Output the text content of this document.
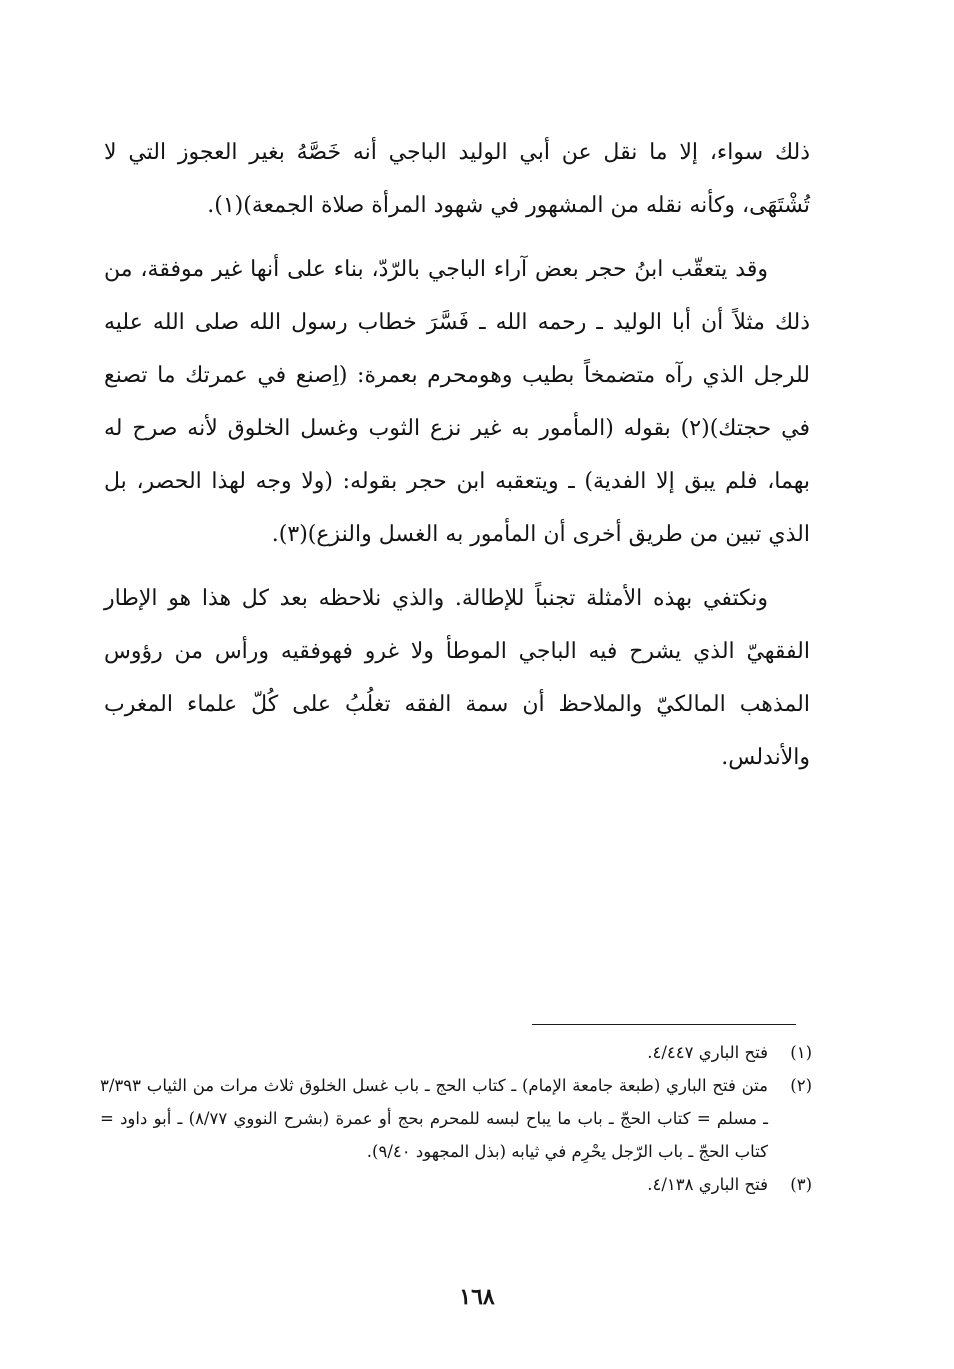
ذلك سواء، إلا ما نقل عن أبي الوليد الباجي أنه خَصَّهُ بغير العجوز التي لا تُشْتَهَى، وكأنه نقله من المشهور في شهود المرأة صلاة الجمعة)(١).

وقد يتعقّب ابنُ حجر بعض آراء الباجي بالرّدّ، بناء على أنها غير موفقة، من ذلك مثلاً أن أبا الوليد ـ رحمه الله ـ فَسَّرَ خطاب رسول الله صلى الله عليه للرجل الذي رآه متضمخاً بطيب وهومحرم بعمرة: (اِصنع في عمرتك ما تصنع في حجتك)(٢) بقوله (المأمور به غير نزع الثوب وغسل الخلوق لأنه صرح له بهما، فلم يبق إلا الفدية) ـ ويتعقبه ابن حجر بقوله: (ولا وجه لهذا الحصر، بل الذي تبين من طريق أخرى أن المأمور به الغسل والنزع)(٣).

ونكتفي بهذه الأمثلة تجنباً للإطالة. والذي نلاحظه بعد كل هذا هو الإطار الفقهيّ الذي يشرح فيه الباجي الموطأ ولا غرو فهوفقيه ورأس من رؤوس المذهب المالكيّ والملاحظ أن سمة الفقه تغلُبُ على كُلّ علماء المغرب والأندلس.

(١)
فتح الباري ٤/٤٤٧.
(٢)
متن فتح الباري (طبعة جامعة الإمام) ـ كتاب الحج ـ باب غسل الخلوق ثلاث مرات من الثياب ٣/٣٩٣ ـ مسلم = كتاب الحجّ ـ باب ما يباح لبسه للمحرم بحج أو عمرة (بشرح النووي ٨/٧٧) ـ أبو داود = كتاب الحجّ ـ باب الرّجل يحْرِم في ثيابه (بذل المجهود ٩/٤٠).
(٣)
فتح الباري ٤/١٣٨.
١٦٨
